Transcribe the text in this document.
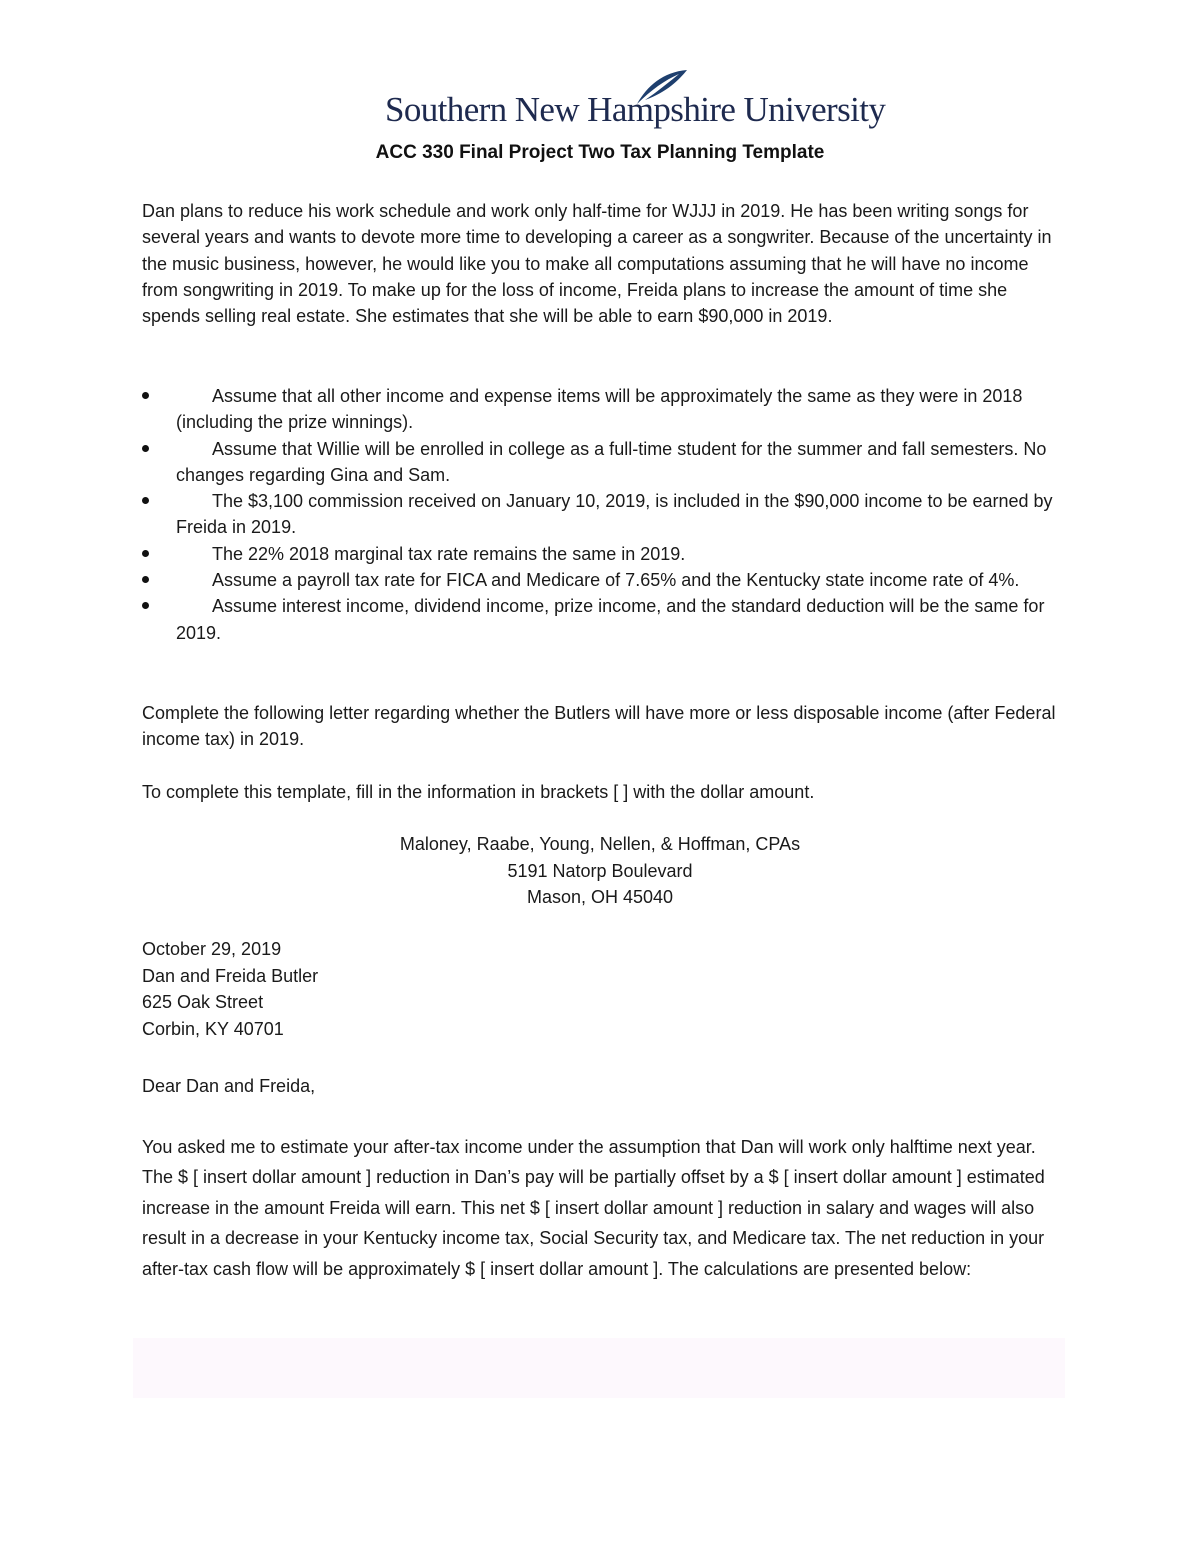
Southern New Hampshire University
ACC 330 Final Project Two Tax Planning Template

Dan plans to reduce his work schedule and work only half-time for WJJJ in 2019. He has been writing songs for several years and wants to devote more time to developing a career as a songwriter. Because of the uncertainty in the music business, however, he would like you to make all computations assuming that he will have no income from songwriting in 2019. To make up for the loss of income, Freida plans to increase the amount of time she spends selling real estate. She estimates that she will be able to earn $90,000 in 2019.

Assume that all other income and expense items will be approximately the same as they were in 2018 (including the prize winnings).
Assume that Willie will be enrolled in college as a full-time student for the summer and fall semesters. No changes regarding Gina and Sam.
The $3,100 commission received on January 10, 2019, is included in the $90,000 income to be earned by Freida in 2019.
The 22% 2018 marginal tax rate remains the same in 2019.
Assume a payroll tax rate for FICA and Medicare of 7.65% and the Kentucky state income rate of 4%.
Assume interest income, dividend income, prize income, and the standard deduction will be the same for 2019.

Complete the following letter regarding whether the Butlers will have more or less disposable income (after Federal income tax) in 2019.

To complete this template, fill in the information in brackets [ ] with the dollar amount.

Maloney, Raabe, Young, Nellen, & Hoffman, CPAs
5191 Natorp Boulevard
Mason, OH 45040
October 29, 2019
Dan and Freida Butler
625 Oak Street
Corbin, KY 40701

Dear Dan and Freida,

You asked me to estimate your after-tax income under the assumption that Dan will work only halftime next year. The $ [ insert dollar amount ] reduction in Dan’s pay will be partially offset by a $ [ insert dollar amount ] estimated increase in the amount Freida will earn. This net $ [ insert dollar amount ] reduction in salary and wages will also result in a decrease in your Kentucky income tax, Social Security tax, and Medicare tax. The net reduction in your after-tax cash flow will be approximately $ [ insert dollar amount ]. The calculations are presented below:
